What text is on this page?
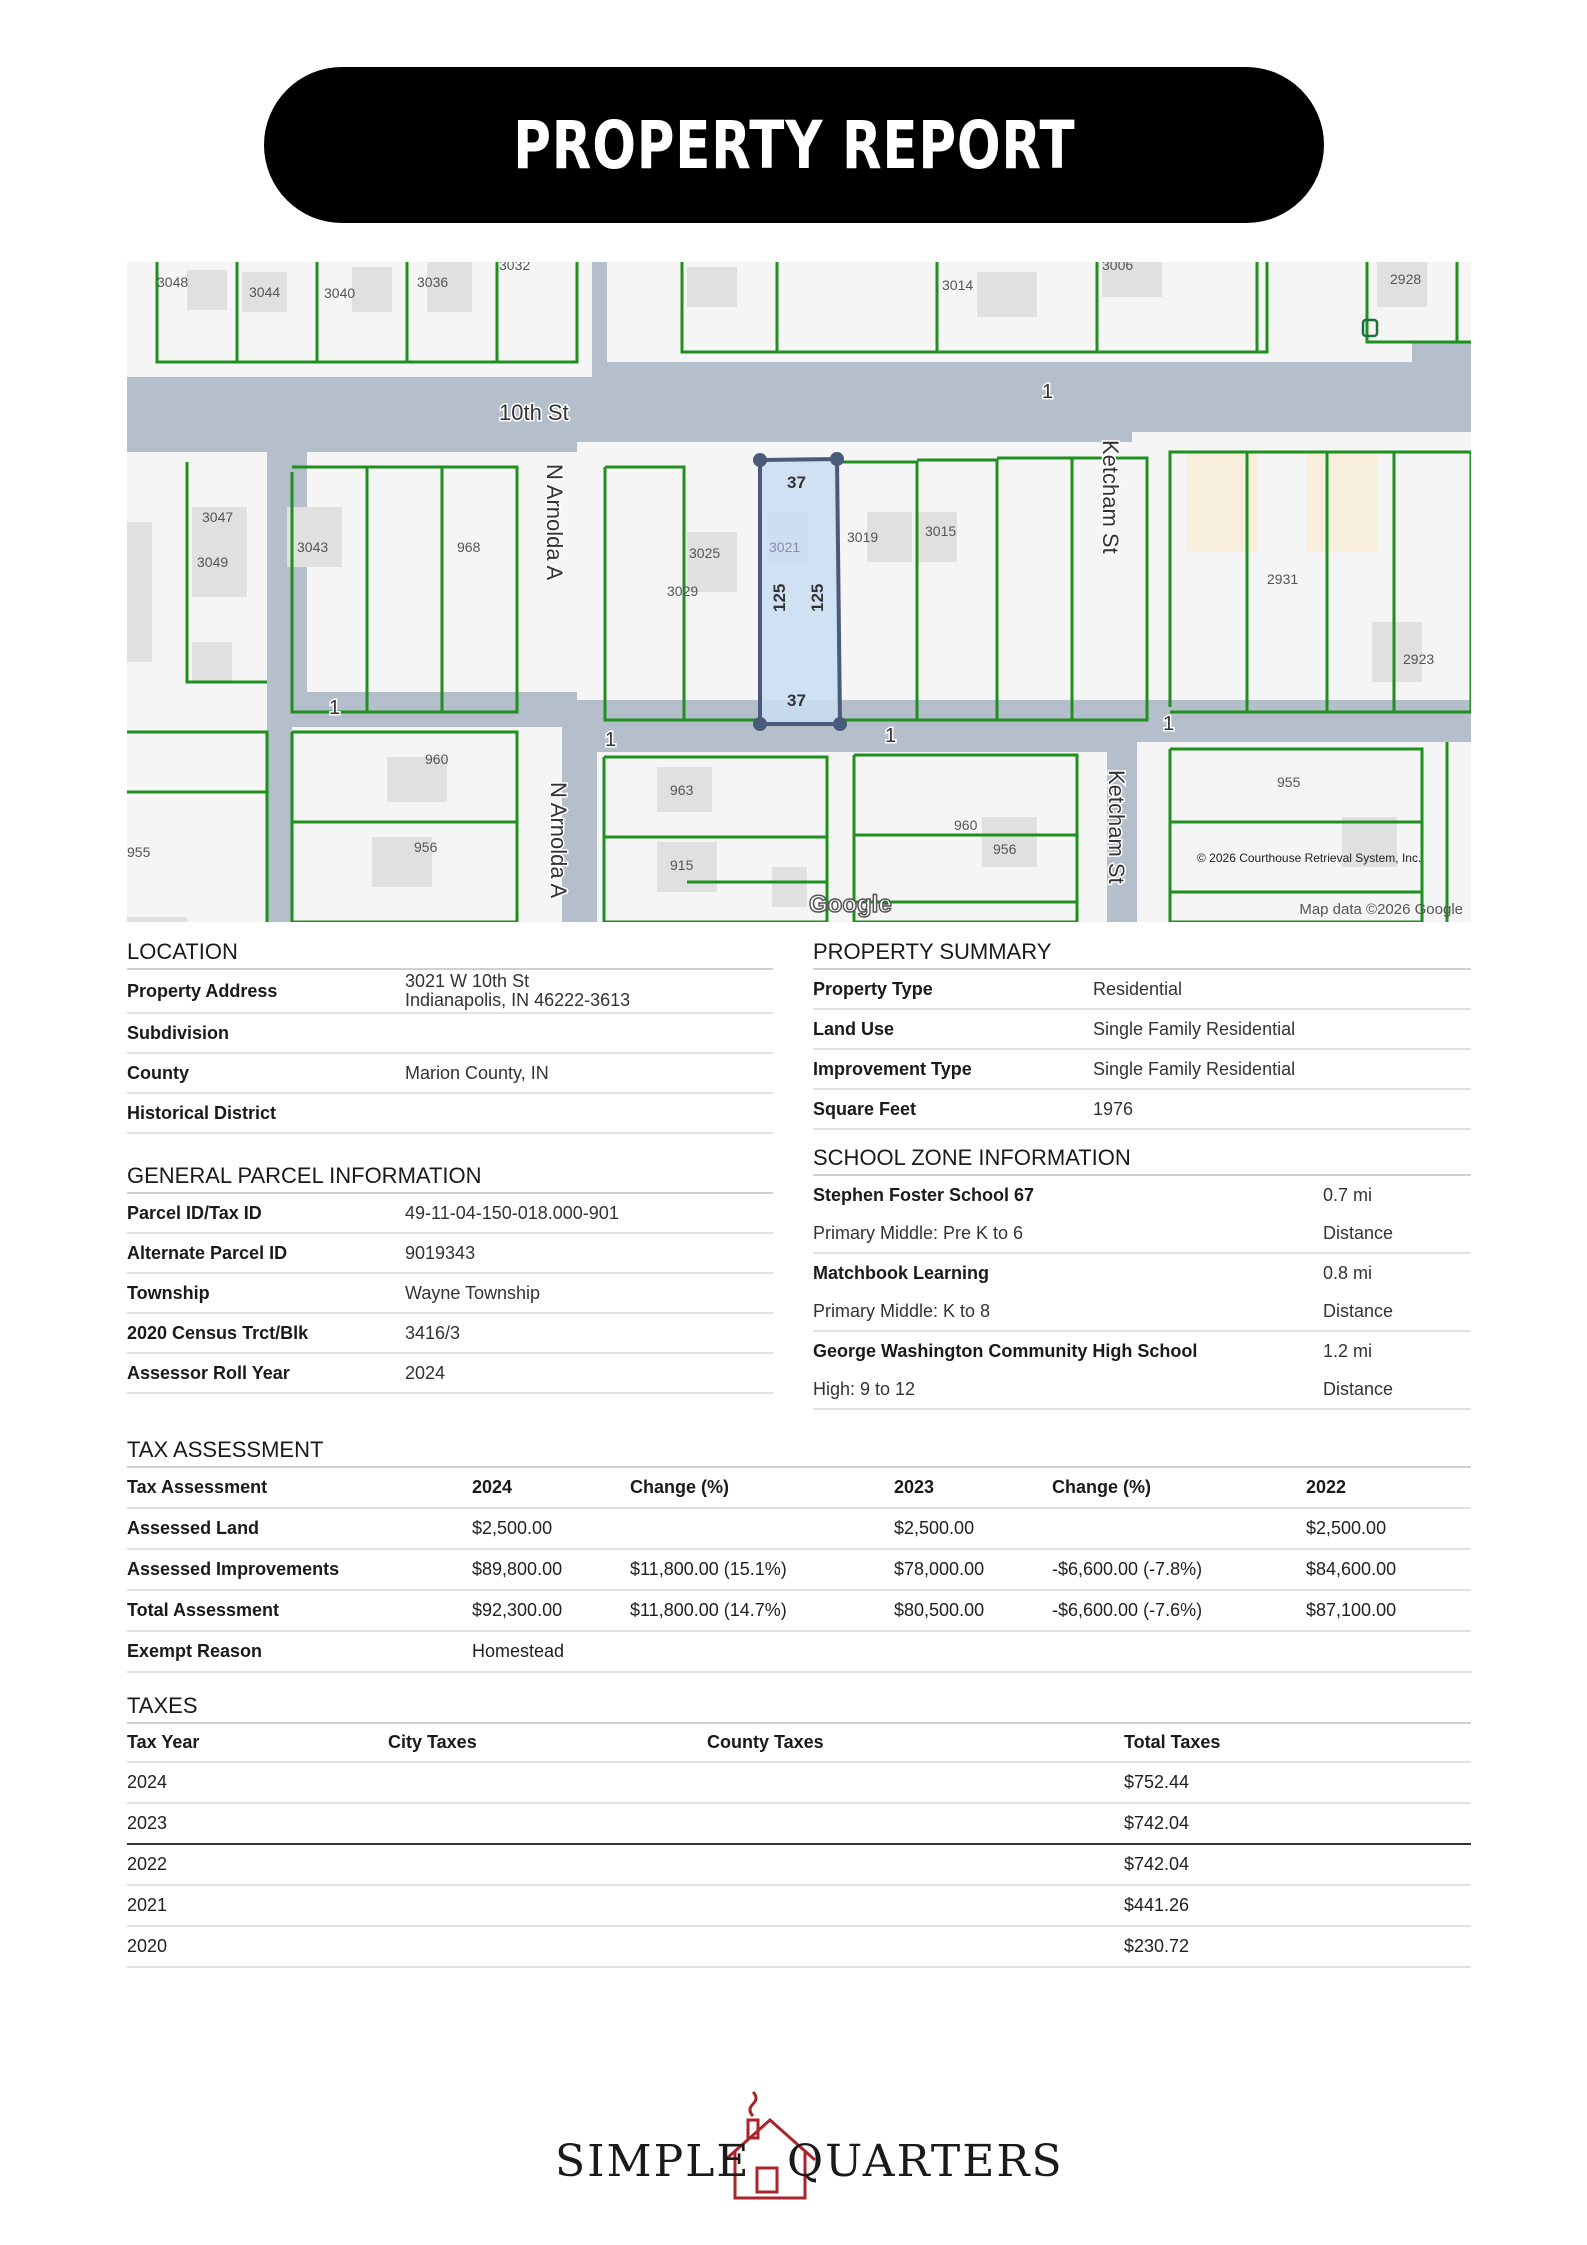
PROPERTY REPORT
10th St
N Arnolda A
N Arnolda A
Ketcham St
Ketcham St
1
1
1	1
1
3048
3044	3040
3036
3032
3014
3006
2928
3047
3049
3043	968	3025
3029
3021
3019	3015
2931
2923
960
956
963
915
960
956
955
955
37
37
125 125
© 2026 Courthouse Retrieval System, Inc.
Map data ©2026 Google
Google
LOCATION
Property Address	3021 W 10th St
Indianapolis, IN 46222-3613
Subdivision
County	Marion County, IN
Historical District
GENERAL PARCEL INFORMATION
Parcel ID/Tax ID	49-11-04-150-018.000-901
Alternate Parcel ID	9019343
Township	Wayne Township
2020 Census Trct/Blk	3416/3
Assessor Roll Year	2024
PROPERTY SUMMARY
Property Type	Residential
Land Use	Single Family Residential
Improvement Type	Single Family Residential
Square Feet	1976
SCHOOL ZONE INFORMATION
Stephen Foster School 67	0.7 mi
Primary Middle: Pre K to 6	Distance
Matchbook Learning	0.8 mi
Primary Middle: K to 8	Distance
George Washington Community High School	1.2 mi
High: 9 to 12	Distance
TAX ASSESSMENT
Tax Assessment	2024	Change (%)	2023	Change (%)	2022
Assessed Land	$2,500.00		$2,500.00		$2,500.00
Assessed Improvements	$89,800.00	$11,800.00 (15.1%)	$78,000.00	-$6,600.00 (-7.8%)	$84,600.00
Total Assessment	$92,300.00	$11,800.00 (14.7%)	$80,500.00	-$6,600.00 (-7.6%)	$87,100.00
Exempt Reason	Homestead				
TAXES
Tax Year	City Taxes	County Taxes	Total Taxes
2024			$752.44
2023			$742.04
2022			$742.04
2021			$441.26
2020			$230.72
SIMPLE QUARTERS
